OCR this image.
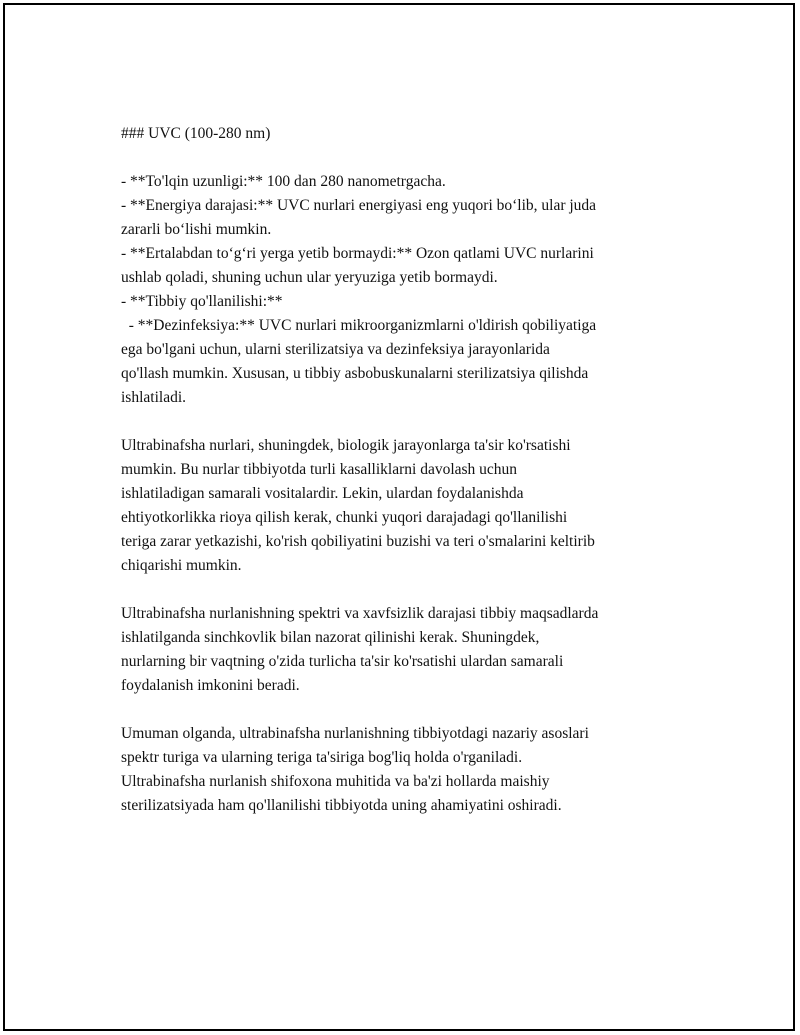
### UVC (100-280 nm)
- **To'lqin uzunligi:** 100 dan 280 nanometrgacha.
- **Energiya darajasi:** UVC nurlari energiyasi eng yuqori bo‘lib, ular juda
zararli bo‘lishi mumkin.
- **Ertalabdan to‘g‘ri yerga yetib bormaydi:** Ozon qatlami UVC nurlarini
ushlab qoladi, shuning uchun ular yeryuziga yetib bormaydi.
- **Tibbiy qo'llanilishi:**
- **Dezinfeksiya:** UVC nurlari mikroorganizmlarni o'ldirish qobiliyatiga
ega bo'lgani uchun, ularni sterilizatsiya va dezinfeksiya jarayonlarida
qo'llash mumkin. Xususan, u tibbiy asbobuskunalarni sterilizatsiya qilishda
ishlatiladi.
Ultrabinafsha nurlari, shuningdek, biologik jarayonlarga ta'sir ko'rsatishi
mumkin. Bu nurlar tibbiyotda turli kasalliklarni davolash uchun
ishlatiladigan samarali vositalardir. Lekin, ulardan foydalanishda
ehtiyotkorlikka rioya qilish kerak, chunki yuqori darajadagi qo'llanilishi
teriga zarar yetkazishi, ko'rish qobiliyatini buzishi va teri o'smalarini keltirib
chiqarishi mumkin.
Ultrabinafsha nurlanishning spektri va xavfsizlik darajasi tibbiy maqsadlarda
ishlatilganda sinchkovlik bilan nazorat qilinishi kerak. Shuningdek,
nurlarning bir vaqtning o'zida turlicha ta'sir ko'rsatishi ulardan samarali
foydalanish imkonini beradi.
Umuman olganda, ultrabinafsha nurlanishning tibbiyotdagi nazariy asoslari
spektr turiga va ularning teriga ta'siriga bog'liq holda o'rganiladi.
Ultrabinafsha nurlanish shifoxona muhitida va ba'zi hollarda maishiy
sterilizatsiyada ham qo'llanilishi tibbiyotda uning ahamiyatini oshiradi.
